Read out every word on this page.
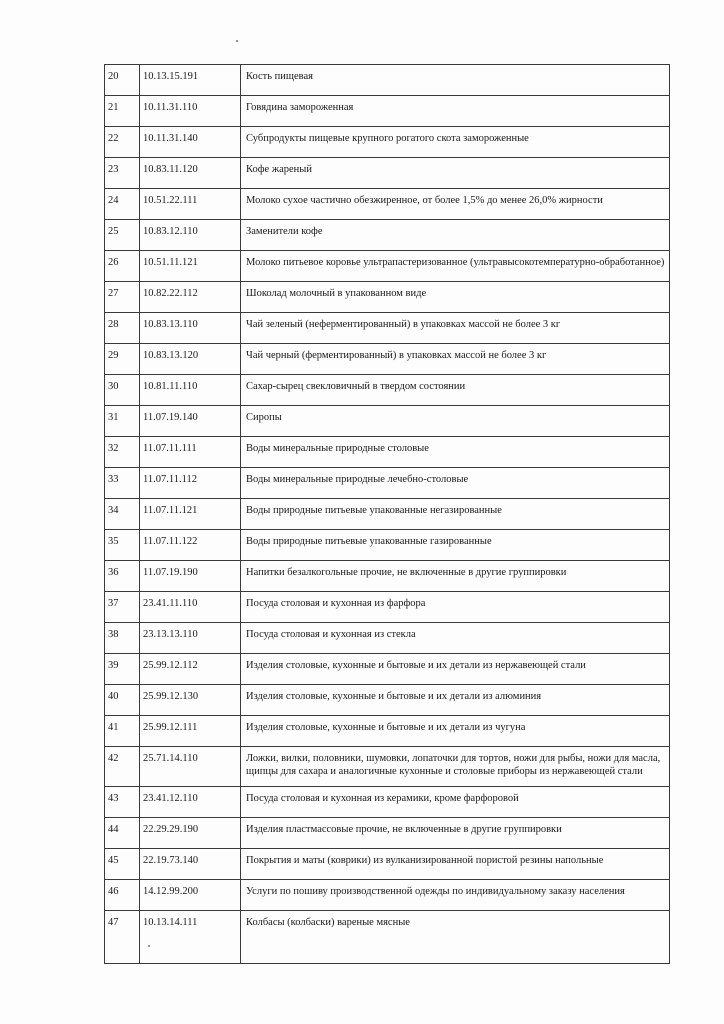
20	10.13.15.191	Кость пищевая

21	10.11.31.110	Говядина замороженная

22	10.11.31.140	Субпродукты пищевые крупного рогатого скота замороженные

23	10.83.11.120	Кофе жареный

24	10.51.22.111	Молоко сухое частично обезжиренное, от более 1,5% до менее 26,0% жирности

25	10.83.12.110	Заменители кофе

26	10.51.11.121	Молоко питьевое коровье ультрапастеризованное (ультравысокотемпературно-обработанное)

27	10.82.22.112	Шоколад молочный в упакованном виде

28	10.83.13.110	Чай зеленый (неферментированный) в упаковках массой не более 3 кг

29	10.83.13.120	Чай черный (ферментированный) в упаковках массой не более 3 кг

30	10.81.11.110	Сахар-сырец свекловичный в твердом состоянии

31	11.07.19.140	Сиропы

32	11.07.11.111	Воды минеральные природные столовые

33	11.07.11.112	Воды минеральные природные лечебно-столовые

34	11.07.11.121	Воды природные питьевые упакованные негазированные

35	11.07.11.122	Воды природные питьевые упакованные газированные

36	11.07.19.190	Напитки безалкогольные прочие, не включенные в другие группировки

37	23.41.11.110	Посуда столовая и кухонная из фарфора

38	23.13.13.110	Посуда столовая и кухонная из стекла

39	25.99.12.112	Изделия столовые, кухонные и бытовые и их детали из нержавеющей стали

40	25.99.12.130	Изделия столовые, кухонные и бытовые и их детали из алюминия

41	25.99.12.111	Изделия столовые, кухонные и бытовые и их детали из чугуна

42	25.71.14.110	Ложки, вилки, половники, шумовки, лопаточки для тортов, ножи для рыбы, ножи для масла, щипцы для сахара и аналогичные кухонные и столовые приборы из нержавеющей стали

43	23.41.12.110	Посуда столовая и кухонная из керамики, кроме фарфоровой

44	22.29.29.190	Изделия пластмассовые прочие, не включенные в другие группировки

45	22.19.73.140	Покрытия и маты (коврики) из вулканизированной пористой резины напольные

46	14.12.99.200	Услуги по пошиву производственной одежды по индивидуальному заказу населения

47	10.13.14.111	Колбасы (колбаски) вареные мясные
